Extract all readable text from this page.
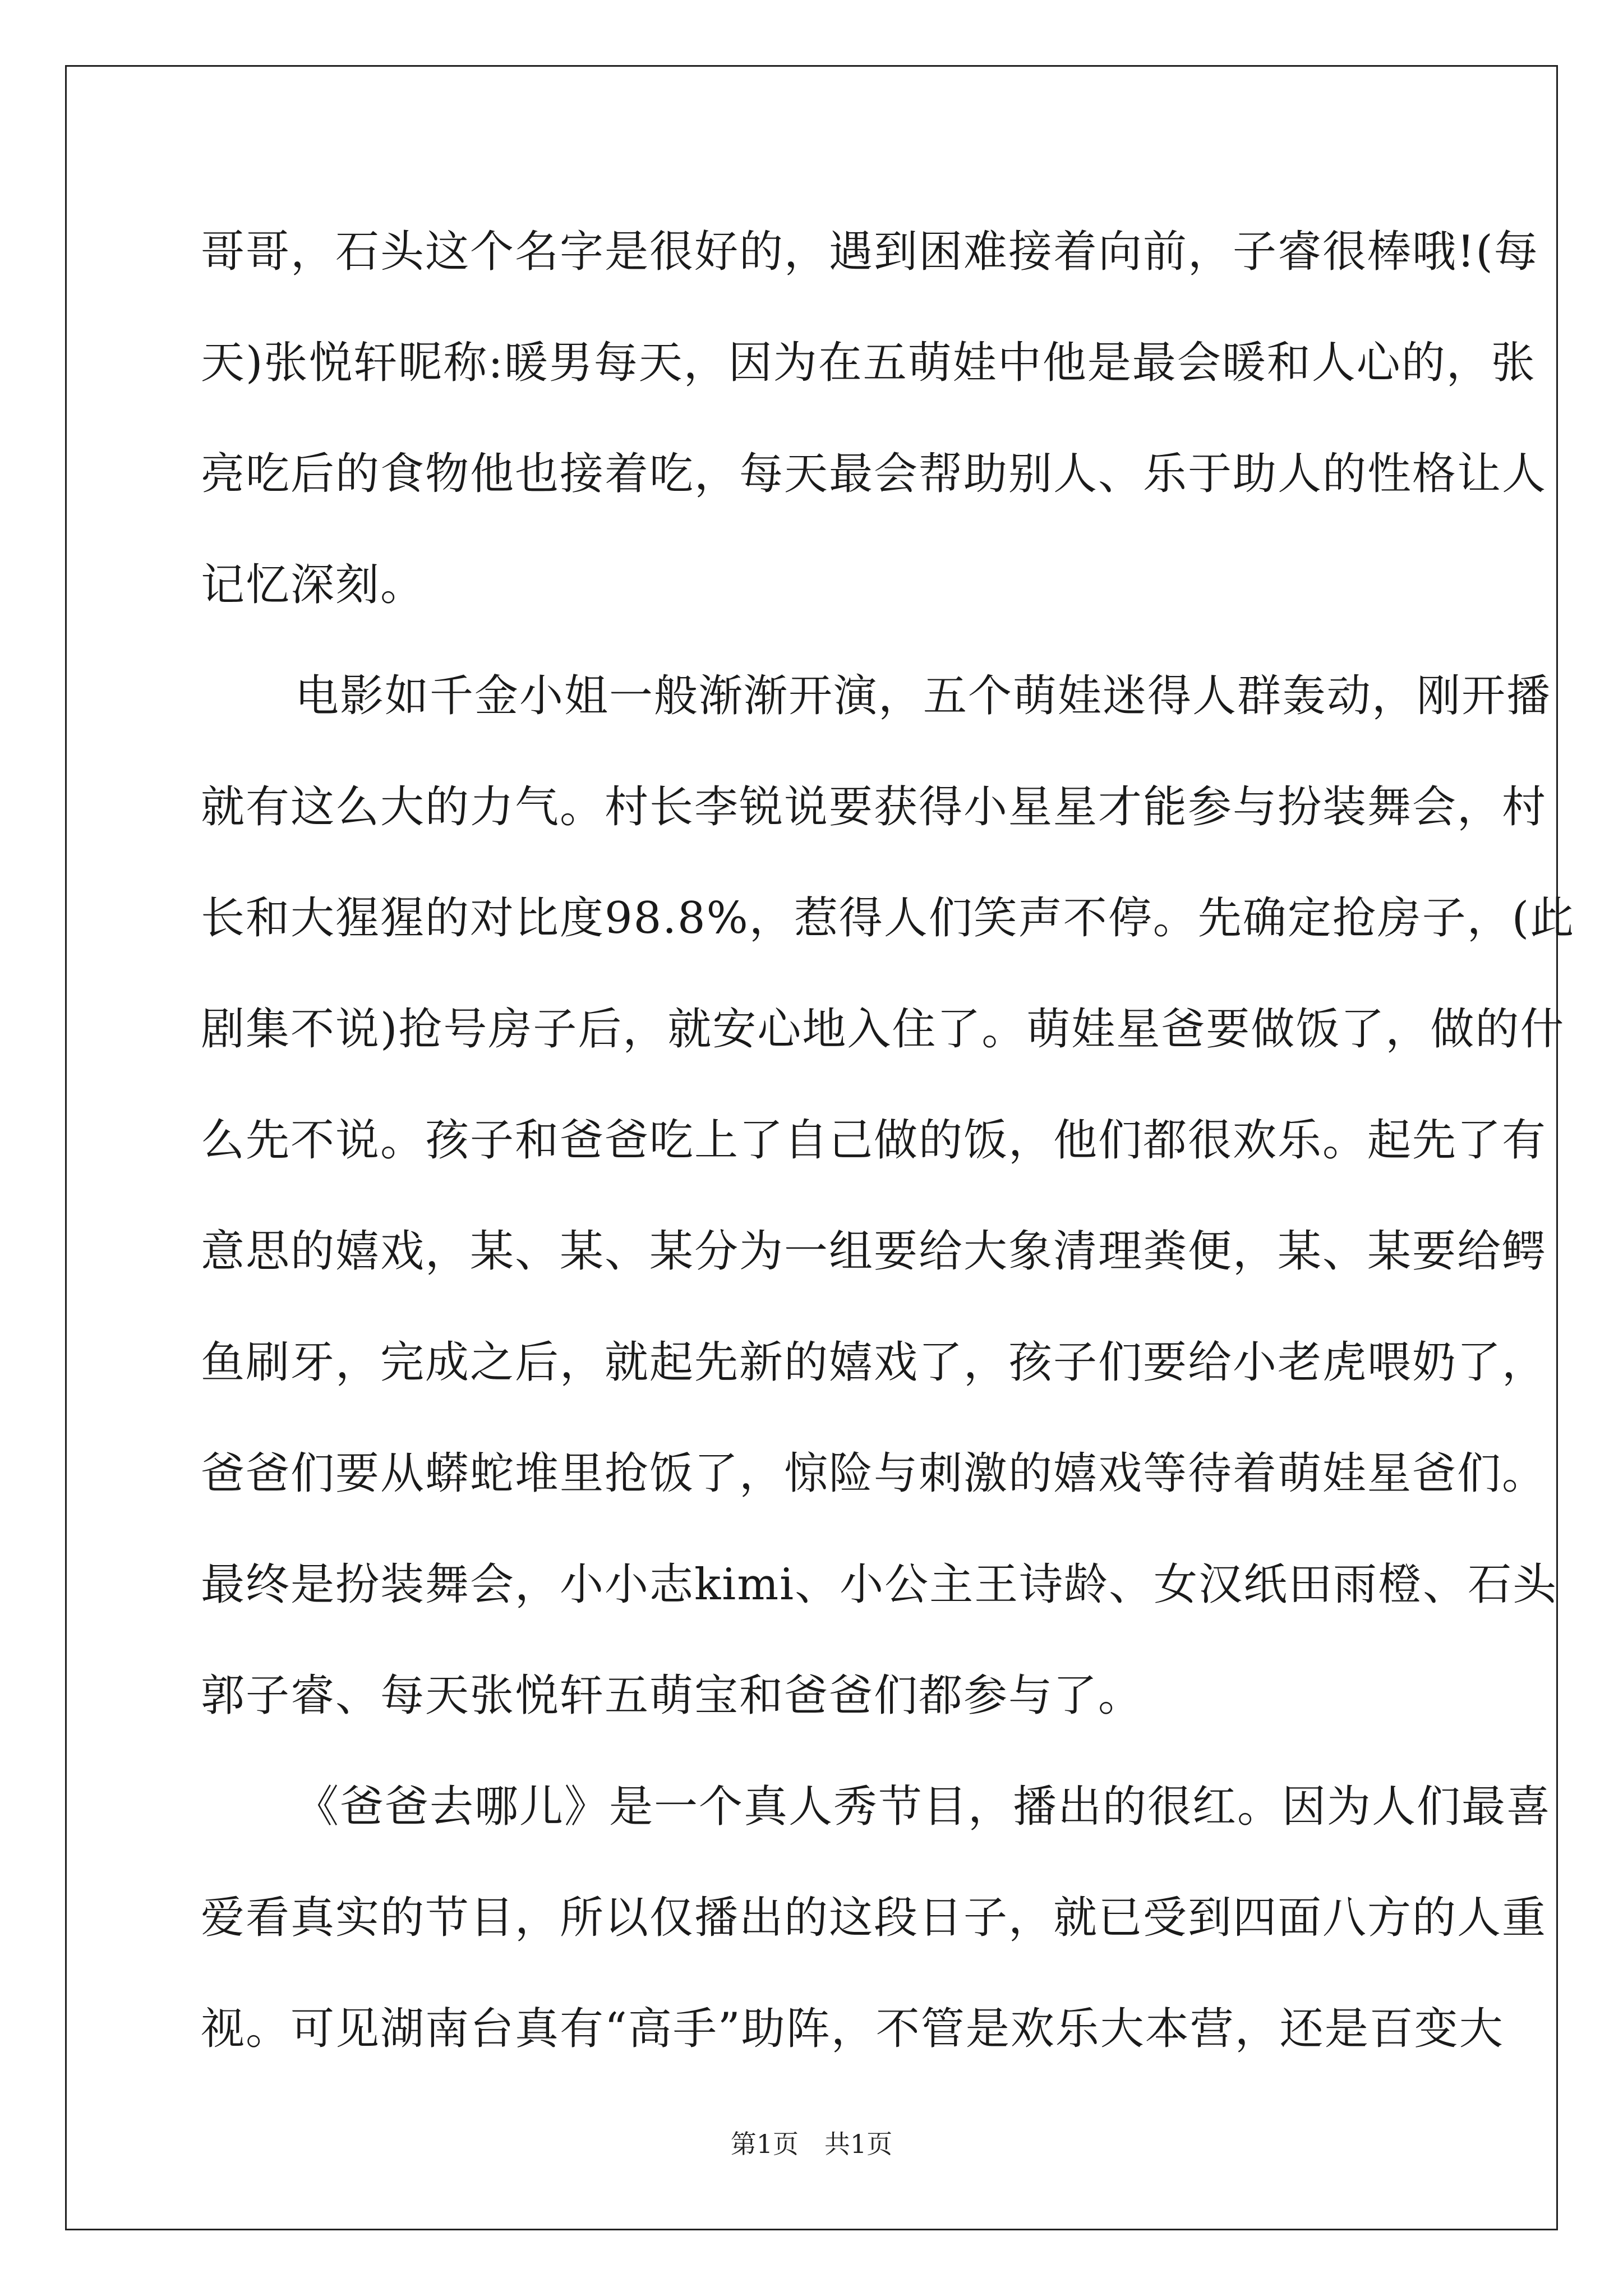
哥哥，石头这个名字是很好的，遇到困难接着向前，子睿很棒哦!(每
天)张悦轩昵称:暖男每天，因为在五萌娃中他是最会暖和人心的，张
亮吃后的食物他也接着吃，每天最会帮助别人、乐于助人的性格让人
记忆深刻。
电影如千金小姐一般渐渐开演，五个萌娃迷得人群轰动，刚开播
就有这么大的力气。村长李锐说要获得小星星才能参与扮装舞会，村
长和大猩猩的对比度98.8%，惹得人们笑声不停。先确定抢房子，(此
剧集不说)抢号房子后，就安心地入住了。萌娃星爸要做饭了，做的什
么先不说。孩子和爸爸吃上了自己做的饭，他们都很欢乐。起先了有
意思的嬉戏，某、某、某分为一组要给大象清理粪便，某、某要给鳄
鱼刷牙，完成之后，就起先新的嬉戏了，孩子们要给小老虎喂奶了，
爸爸们要从蟒蛇堆里抢饭了，惊险与刺激的嬉戏等待着萌娃星爸们。
最终是扮装舞会，小小志kimi、小公主王诗龄、女汉纸田雨橙、石头
郭子睿、每天张悦轩五萌宝和爸爸们都参与了。
《爸爸去哪儿》是一个真人秀节目，播出的很红。因为人们最喜
爱看真实的节目，所以仅播出的这段日子，就已受到四面八方的人重
视。可见湖南台真有“高手”助阵，不管是欢乐大本营，还是百变大
第1页　共1页
